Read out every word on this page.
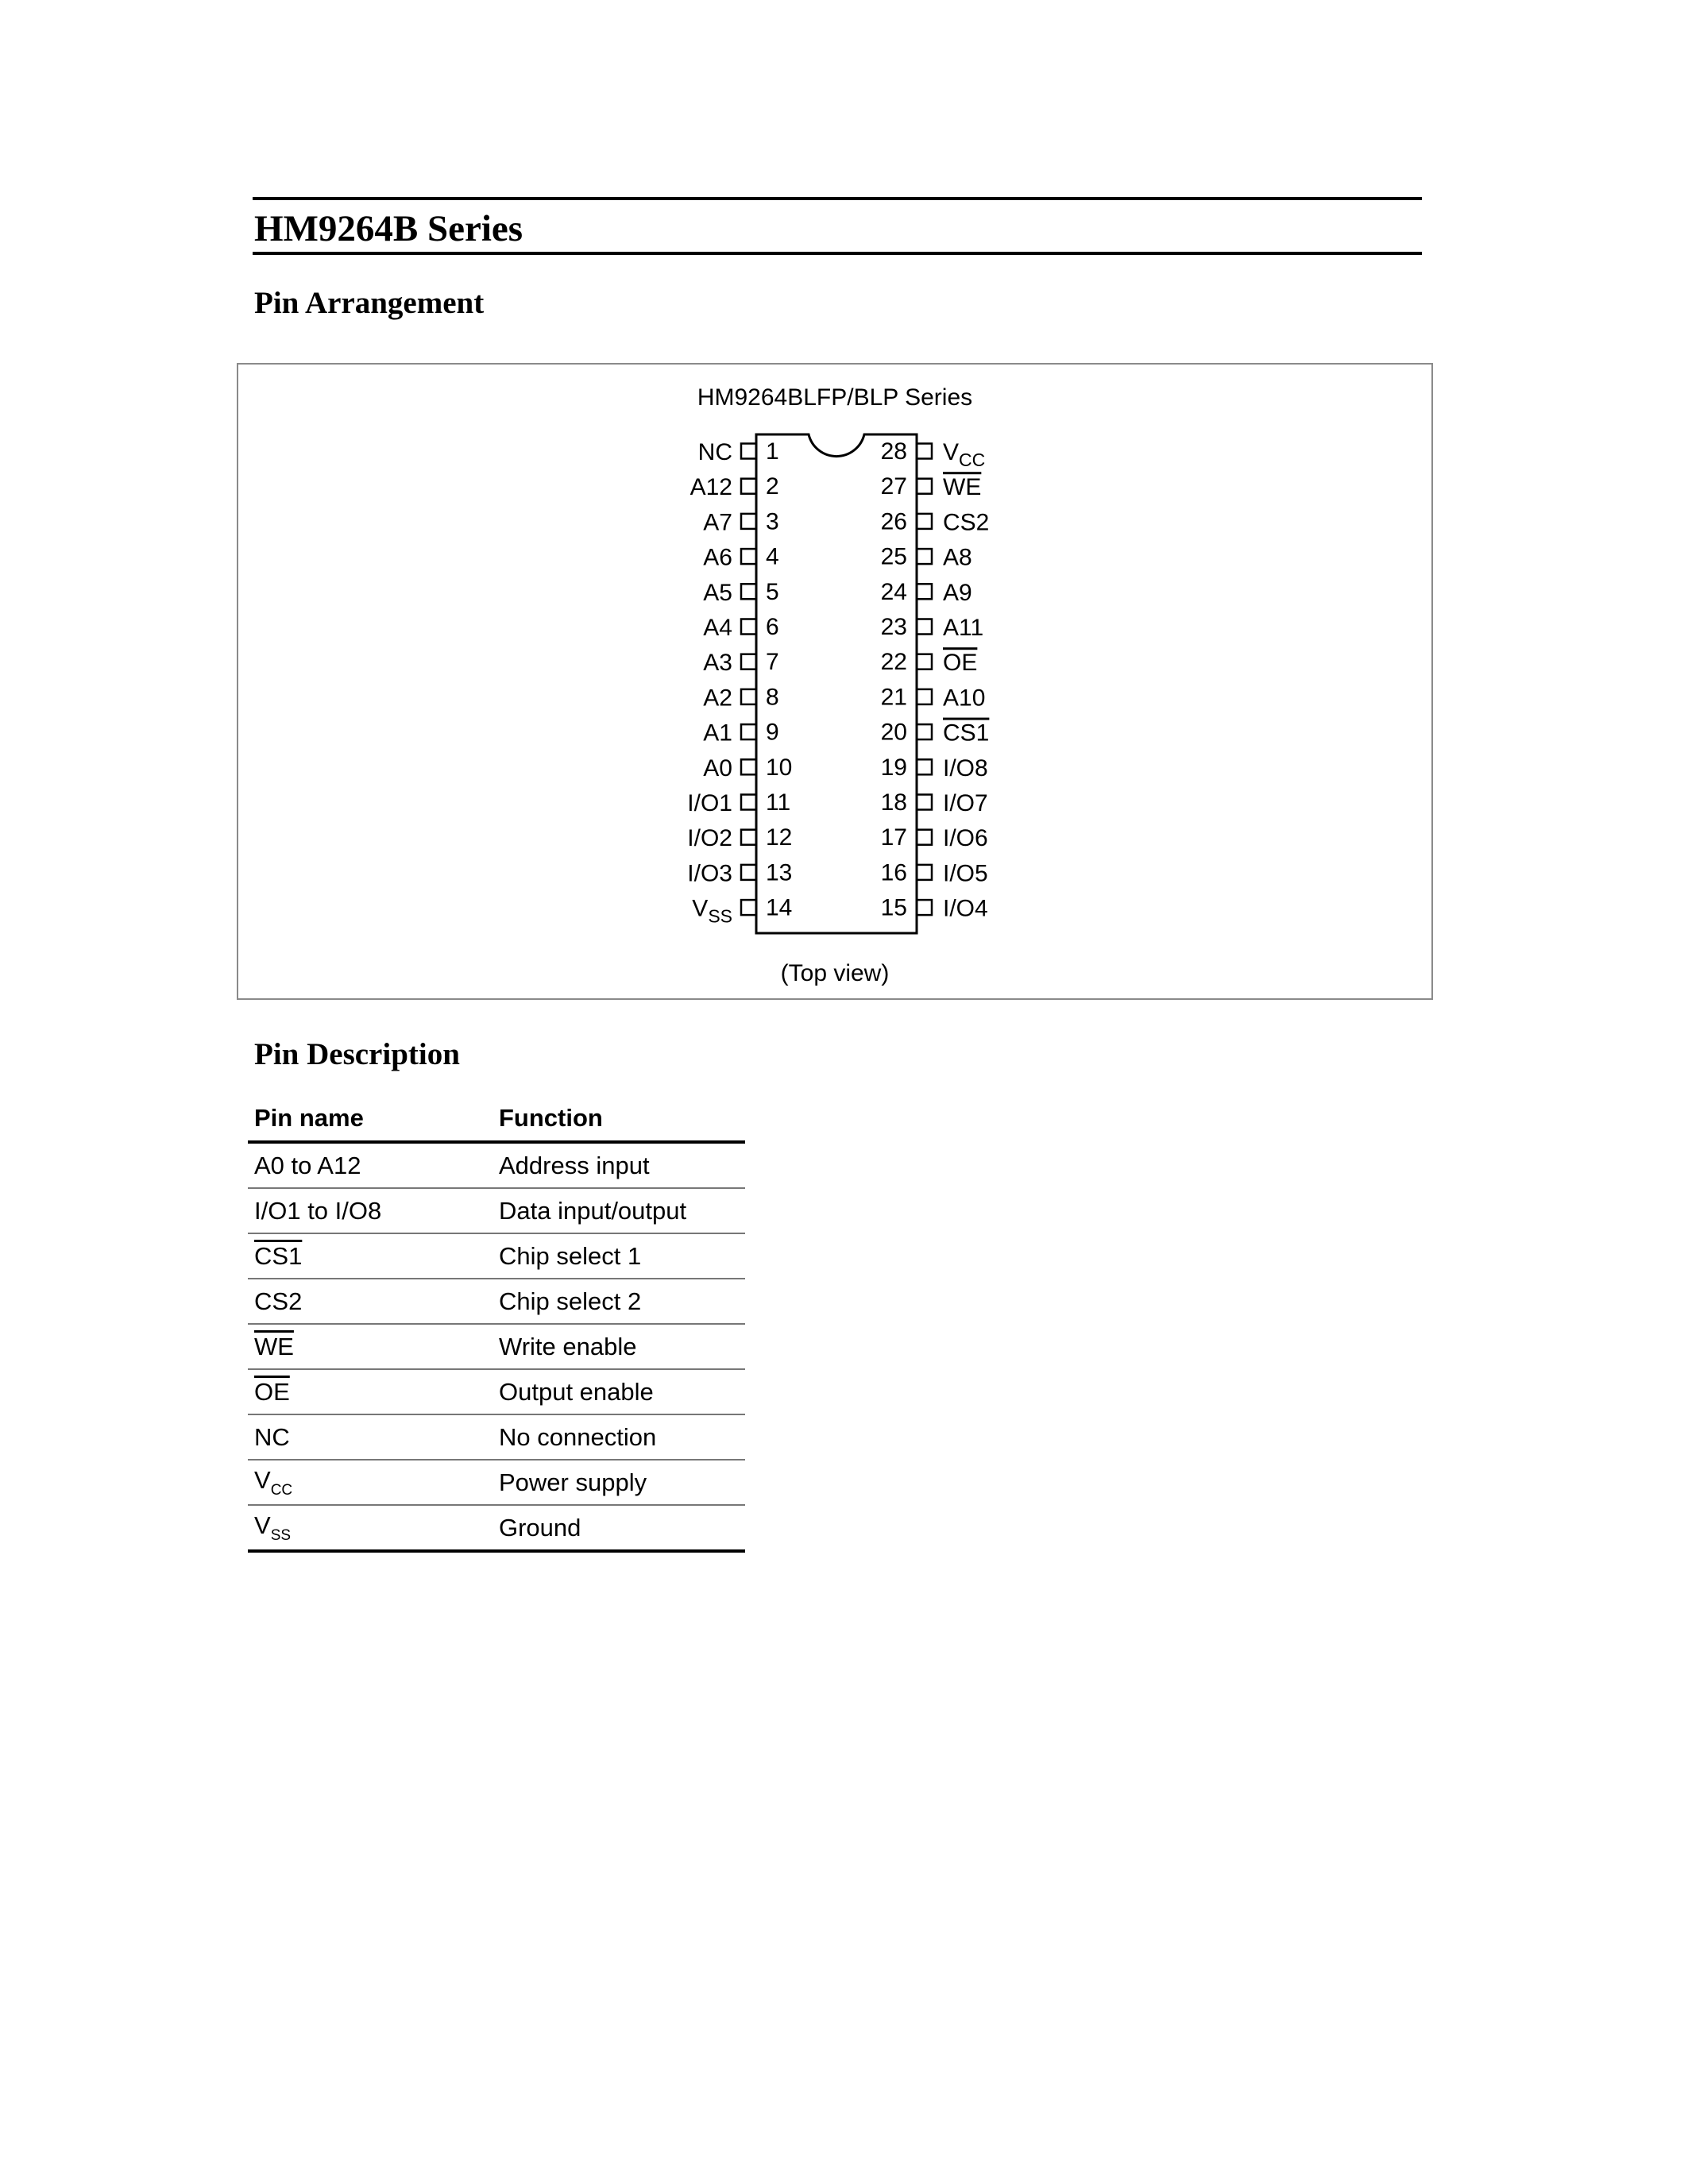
HM9264B Series
Pin Arrangement
HM9264BLFP/BLP Series
1
NC
2
A12
3
A7
4
A6
5
A5
6
A4
7
A3
8
A2
9
A1
10
A0
11
I/O1
12
I/O2
13
I/O3
14
$V_{SS}$
28 $V_{CC}$
27 WE
26 CS2
25 A8
24 A9
23 A11
22 OE
21 A10
20 CS1
19 I/O8
18 I/O7
17 I/O6
16 I/O5
15 I/O4
(Top view)
Pin Description
Pin name	Function
A0 to A12	Address input
I/O1 to I/O8	Data input/output
CS1	Chip select 1
CS2	Chip select 2
$\overline{WE}$	Write enable
$\overline{OE}$	Output enable
NC	No connection
$V_{CC}$	Power supply
$V_{SS}$	Ground
